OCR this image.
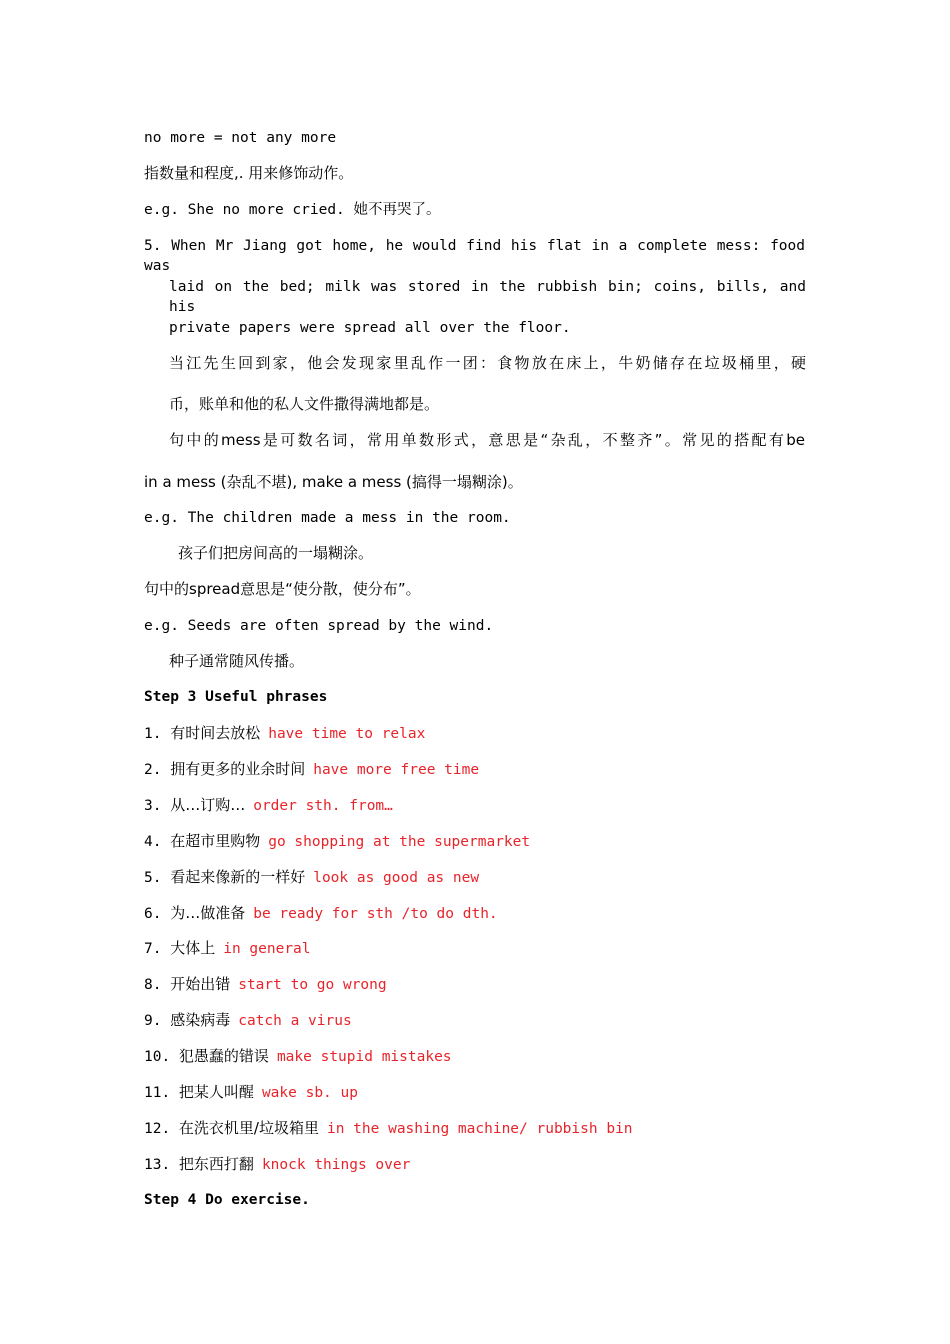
no more = not any more
指数量和程度,. 用来修饰动作。
e.g. She no more cried. 她不再哭了。
5. When Mr Jiang got home, he would find his flat in a complete mess: food was
laid on the bed; milk was stored in the rubbish bin; coins, bills, and his
private papers were spread all over the floor.
当江先生回到家，他会发现家里乱作一团：食物放在床上，牛奶储存在垃圾桶里，硬
币，账单和他的私人文件撒得满地都是。
句中的mess是可数名词，常用单数形式，意思是“杂乱，不整齐”。常见的搭配有be
in a mess (杂乱不堪), make a mess (搞得一塌糊涂)。
e.g. The children made a mess in the room.
孩子们把房间高的一塌糊涂。
句中的spread意思是“使分散，使分布”。
e.g. Seeds are often spread by the wind.
种子通常随风传播。
Step 3 Useful phrases
1. 有时间去放松 have time to relax
2. 拥有更多的业余时间 have more free time
3. 从…订购… order sth. from…
4. 在超市里购物 go shopping at the supermarket
5. 看起来像新的一样好 look as good as new
6. 为…做准备 be ready for sth /to do dth.
7. 大体上 in general
8. 开始出错 start to go wrong
9. 感染病毒 catch a virus
10. 犯愚蠢的错误 make stupid mistakes
11. 把某人叫醒 wake sb. up
12. 在洗衣机里/垃圾箱里 in the washing machine/ rubbish bin
13. 把东西打翻 knock things over
Step 4 Do exercise.
